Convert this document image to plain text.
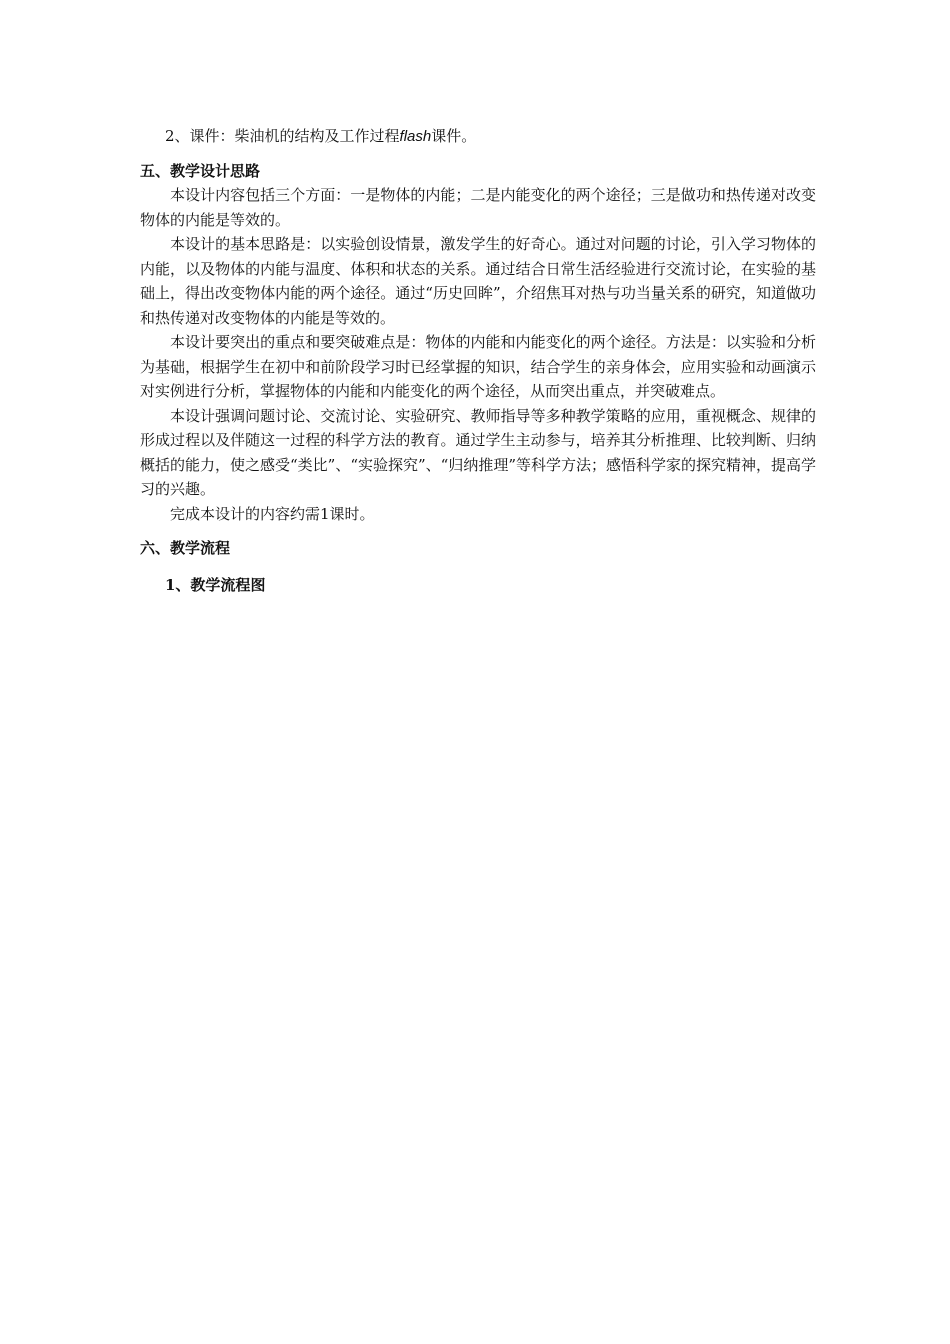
2、课件：柴油机的结构及工作过程flash课件。

五、教学设计思路

本设计内容包括三个方面：一是物体的内能；二是内能变化的两个途径；三是做功和热传递对改变物体的内能是等效的。

本设计的基本思路是：以实验创设情景，激发学生的好奇心。通过对问题的讨论，引入学习物体的内能，以及物体的内能与温度、体积和状态的关系。通过结合日常生活经验进行交流讨论，在实验的基础上，得出改变物体内能的两个途径。通过“历史回眸”，介绍焦耳对热与功当量关系的研究，知道做功和热传递对改变物体的内能是等效的。

本设计要突出的重点和要突破难点是：物体的内能和内能变化的两个途径。方法是：以实验和分析为基础，根据学生在初中和前阶段学习时已经掌握的知识，结合学生的亲身体会，应用实验和动画演示对实例进行分析，掌握物体的内能和内能变化的两个途径，从而突出重点，并突破难点。

本设计强调问题讨论、交流讨论、实验研究、教师指导等多种教学策略的应用，重视概念、规律的形成过程以及伴随这一过程的科学方法的教育。通过学生主动参与，培养其分析推理、比较判断、归纳概括的能力，使之感受“类比”、“实验探究”、“归纳推理”等科学方法；感悟科学家的探究精神，提高学习的兴趣。

完成本设计的内容约需1课时。

六、教学流程

1、教学流程图
